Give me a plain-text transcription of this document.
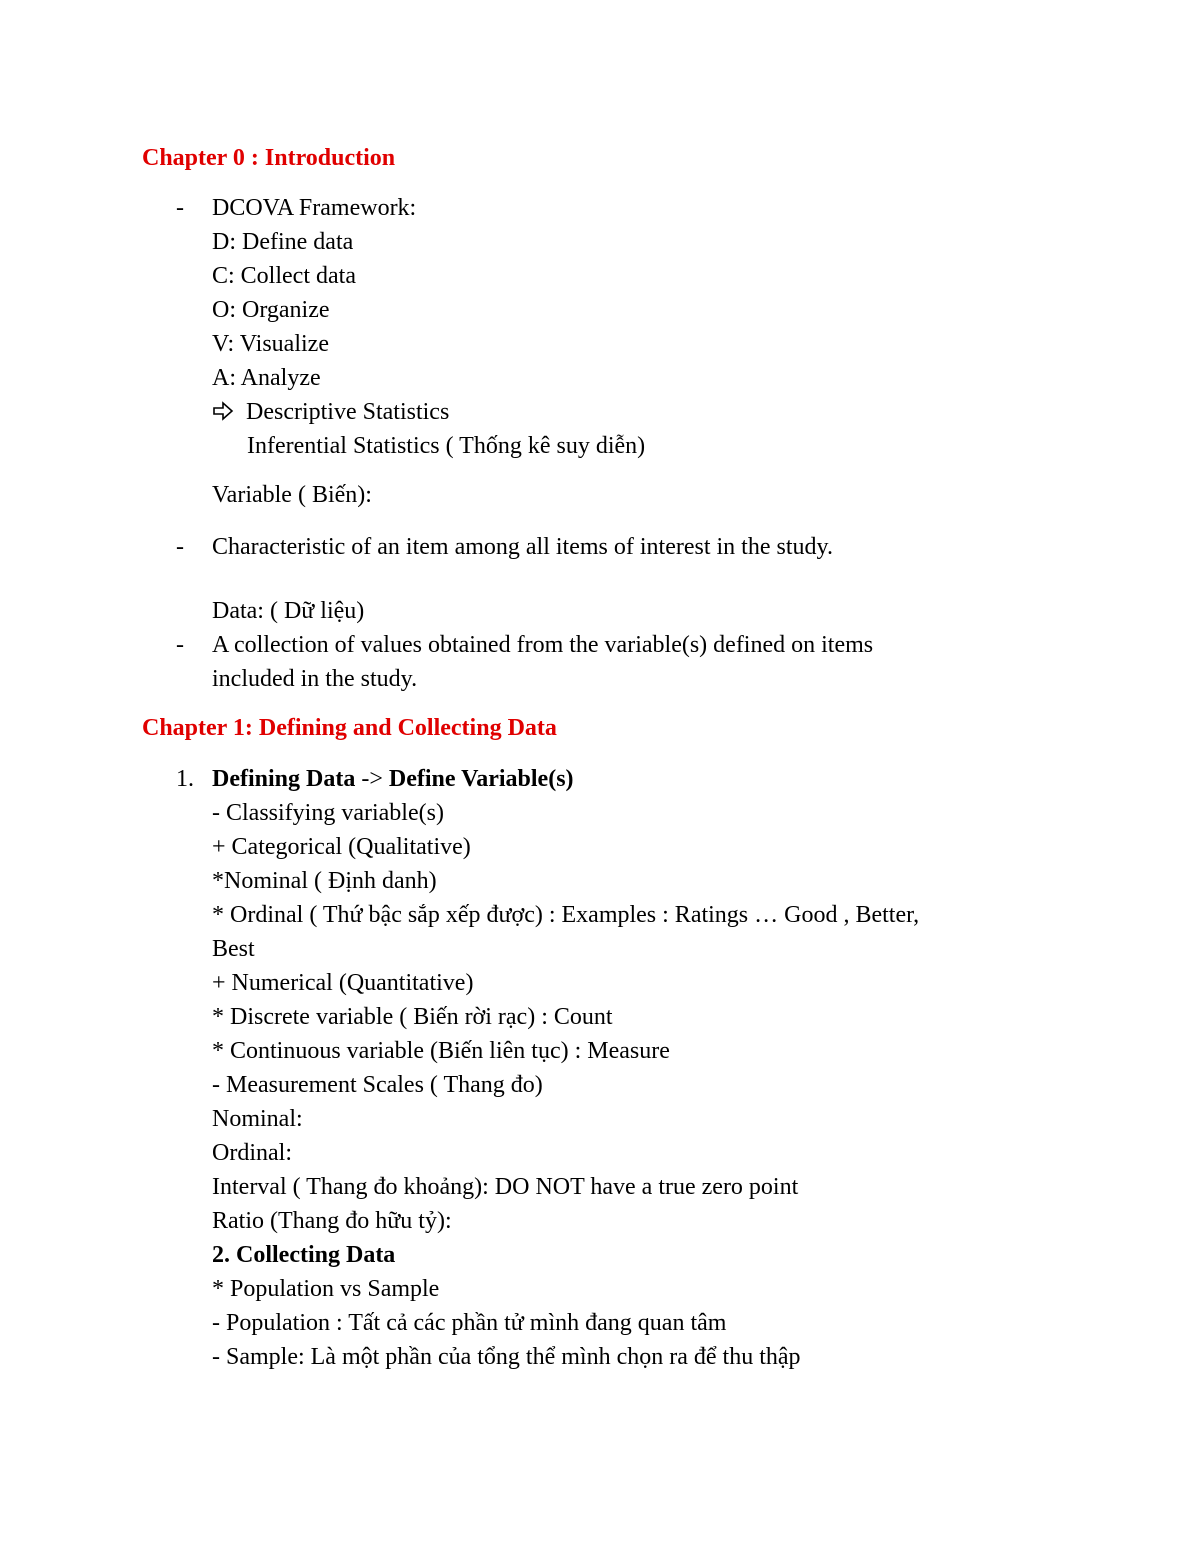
Chapter 0 : Introduction
- DCOVA Framework:
D: Define data
C: Collect data
O: Organize
V: Visualize
A: Analyze
Descriptive Statistics
Inferential Statistics ( Thống kê suy diễn)
Variable ( Biến):
- Characteristic of an item among all items of interest in the study.
Data: ( Dữ liệu)
- A collection of values obtained from the variable(s) defined on items
included in the study.
Chapter 1: Defining and Collecting Data
1. Defining Data -> Define Variable(s)
- Classifying variable(s)
+ Categorical (Qualitative)
*Nominal ( Định danh)
* Ordinal ( Thứ bậc sắp xếp được) : Examples : Ratings … Good , Better,
Best
+ Numerical (Quantitative)
* Discrete variable ( Biến rời rạc) : Count
* Continuous variable (Biến liên tục) : Measure
- Measurement Scales ( Thang đo)
Nominal:
Ordinal:
Interval ( Thang đo khoảng): DO NOT have a true zero point
Ratio (Thang đo hữu tỷ):
2. Collecting Data
* Population vs Sample
- Population : Tất cả các phần tử mình đang quan tâm
- Sample: Là một phần của tổng thể mình chọn ra để thu thập
